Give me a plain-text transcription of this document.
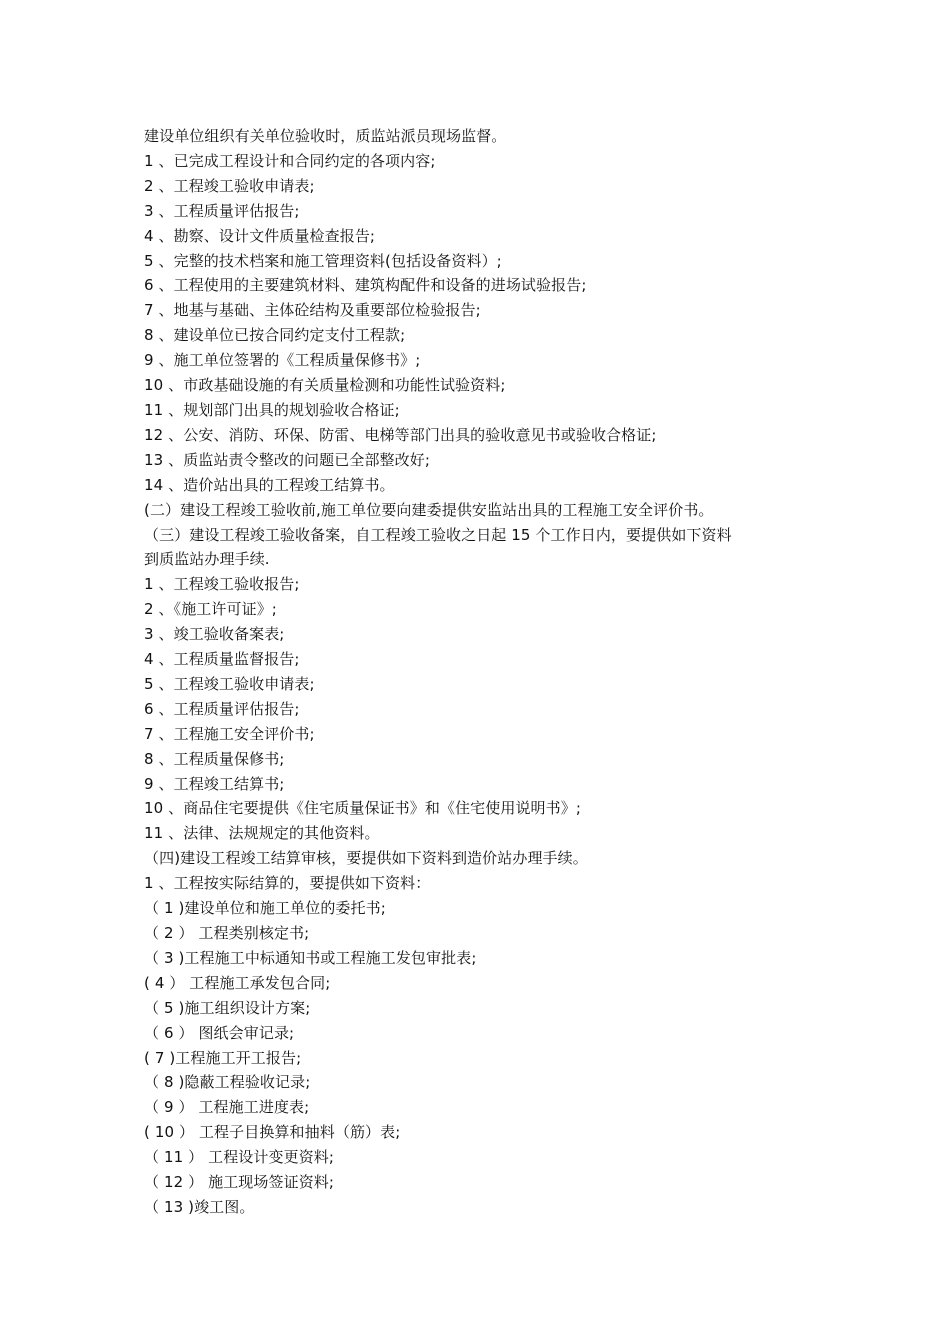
建设单位组织有关单位验收时，质监站派员现场监督。
1 、已完成工程设计和合同约定的各项内容;
2 、工程竣工验收申请表;
3 、工程质量评估报告;
4 、勘察、设计文件质量检查报告;
5 、完整的技术档案和施工管理资料(包括设备资料）;
6 、工程使用的主要建筑材料、建筑构配件和设备的进场试验报告;
7 、地基与基础、主体砼结构及重要部位检验报告;
8 、建设单位已按合同约定支付工程款;
9 、施工单位签署的《工程质量保修书》;
10 、市政基础设施的有关质量检测和功能性试验资料;
11 、规划部门出具的规划验收合格证;
12 、公安、消防、环保、防雷、电梯等部门出具的验收意见书或验收合格证;
13 、质监站责令整改的问题已全部整改好;
14 、造价站出具的工程竣工结算书。
(二）建设工程竣工验收前,施工单位要向建委提供安监站出具的工程施工安全评价书。
（三）建设工程竣工验收备案，自工程竣工验收之日起 15 个工作日内，要提供如下资料
到质监站办理手续.
1 、工程竣工验收报告;
2 、《施工许可证》;
3 、竣工验收备案表;
4 、工程质量监督报告;
5 、工程竣工验收申请表;
6 、工程质量评估报告;
7 、工程施工安全评价书;
8 、工程质量保修书;
9 、工程竣工结算书;
10 、商品住宅要提供《住宅质量保证书》和《住宅使用说明书》;
11 、法律、法规规定的其他资料。
（四)建设工程竣工结算审核，要提供如下资料到造价站办理手续。
1 、工程按实际结算的，要提供如下资料：
（ 1 )建设单位和施工单位的委托书;
（ 2 ） 工程类别核定书;
（ 3 )工程施工中标通知书或工程施工发包审批表;
( 4 ） 工程施工承发包合同;
（ 5 )施工组织设计方案;
（ 6 ） 图纸会审记录;
( 7 )工程施工开工报告;
（ 8 )隐蔽工程验收记录;
（ 9 ） 工程施工进度表;
( 10 ） 工程子目换算和抽料（筋）表;
（ 11 ） 工程设计变更资料;
（ 12 ） 施工现场签证资料;
（ 13 )竣工图。
